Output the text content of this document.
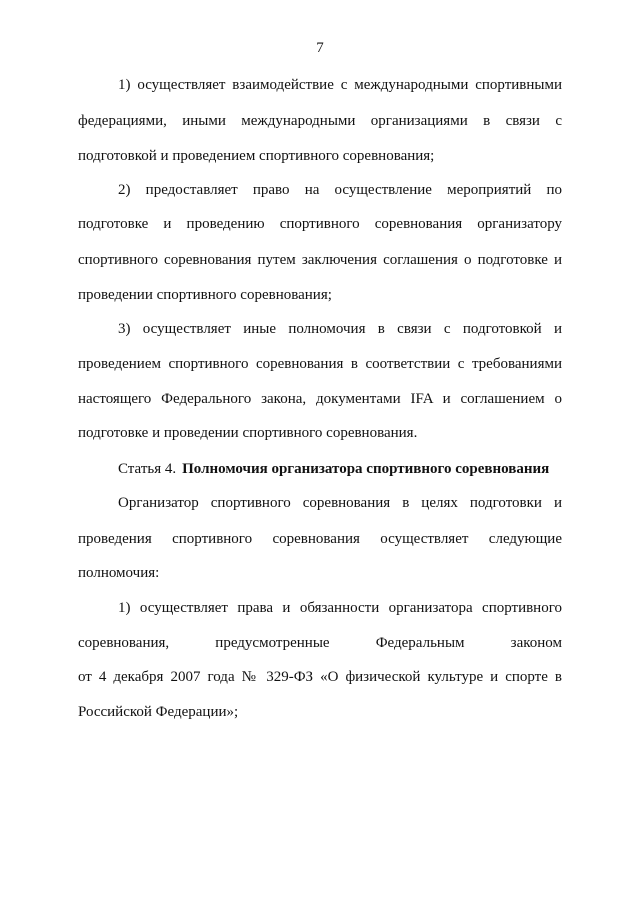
7
1) осуществляет взаимодействие с международными спортивными
федерациями, иными международными организациями в связи с
подготовкой и проведением спортивного соревнования;
2) предоставляет право на осуществление мероприятий по
подготовке и проведению спортивного соревнования организатору
спортивного соревнования путем заключения соглашения о подготовке и
проведении спортивного соревнования;
3) осуществляет иные полномочия в связи с подготовкой и
проведением спортивного соревнования в соответствии с требованиями
настоящего Федерального закона, документами IFA и соглашением о
подготовке и проведении спортивного соревнования.
Статья 4. Полномочия организатора спортивного соревнования
Организатор спортивного соревнования в целях подготовки и
проведения спортивного соревнования осуществляет следующие
полномочия:
1) осуществляет права и обязанности организатора спортивного
соревнования, предусмотренные Федеральным законом
от 4 декабря 2007 года № 329-ФЗ «О физической культуре и спорте в
Российской Федерации»;
